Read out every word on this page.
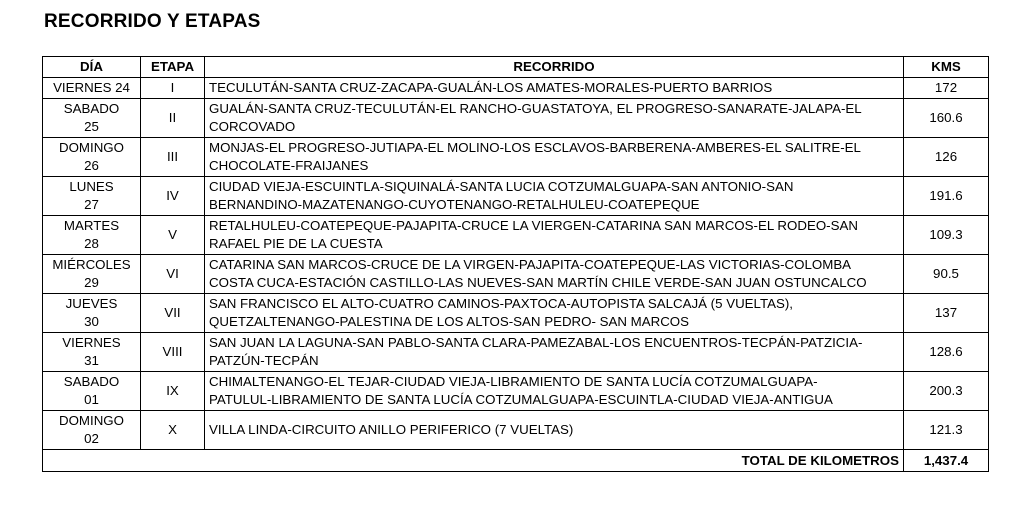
RECORRIDO Y ETAPAS
DÍA	ETAPA	RECORRIDO	KMS

VIERNES 24	I	TECULUTÁN-SANTA CRUZ-ZACAPA-GUALÁN-LOS AMATES-MORALES-PUERTO BARRIOS	172

SABADO
25	II	GUALÁN-SANTA CRUZ-TECULUTÁN-EL RANCHO-GUASTATOYA, EL PROGRESO-SANARATE-JALAPA-EL
CORCOVADO	160.6

DOMINGO
26	III	MONJAS-EL PROGRESO-JUTIAPA-EL MOLINO-LOS ESCLAVOS-BARBERENA-AMBERES-EL SALITRE-EL
CHOCOLATE-FRAIJANES	126

LUNES
27	IV	CIUDAD VIEJA-ESCUINTLA-SIQUINALÁ-SANTA LUCIA COTZUMALGUAPA-SAN ANTONIO-SAN
BERNANDINO-MAZATENANGO-CUYOTENANGO-RETALHULEU-COATEPEQUE	191.6

MARTES
28	V	RETALHULEU-COATEPEQUE-PAJAPITA-CRUCE LA VIERGEN-CATARINA SAN MARCOS-EL RODEO-SAN
RAFAEL PIE DE LA CUESTA	109.3

MIÉRCOLES
29	VI	CATARINA SAN MARCOS-CRUCE DE LA VIRGEN-PAJAPITA-COATEPEQUE-LAS VICTORIAS-COLOMBA
COSTA CUCA-ESTACIÓN CASTILLO-LAS NUEVES-SAN MARTÍN CHILE VERDE-SAN JUAN OSTUNCALCO	90.5

JUEVES
30	VII	SAN FRANCISCO EL ALTO-CUATRO CAMINOS-PAXTOCA-AUTOPISTA SALCAJÁ (5 VUELTAS),
QUETZALTENANGO-PALESTINA DE LOS ALTOS-SAN PEDRO- SAN MARCOS	137

VIERNES
31	VIII	SAN JUAN LA LAGUNA-SAN PABLO-SANTA CLARA-PAMEZABAL-LOS ENCUENTROS-TECPÁN-PATZICIA-
PATZÚN-TECPÁN	128.6

SABADO
01	IX	CHIMALTENANGO-EL TEJAR-CIUDAD VIEJA-LIBRAMIENTO DE SANTA LUCÍA COTZUMALGUAPA-
PATULUL-LIBRAMIENTO DE SANTA LUCÍA COTZUMALGUAPA-ESCUINTLA-CIUDAD VIEJA-ANTIGUA	200.3

DOMINGO
02	X	VILLA LINDA-CIRCUITO ANILLO PERIFERICO (7 VUELTAS)	121.3
		TOTAL DE KILOMETROS	1,437.4
